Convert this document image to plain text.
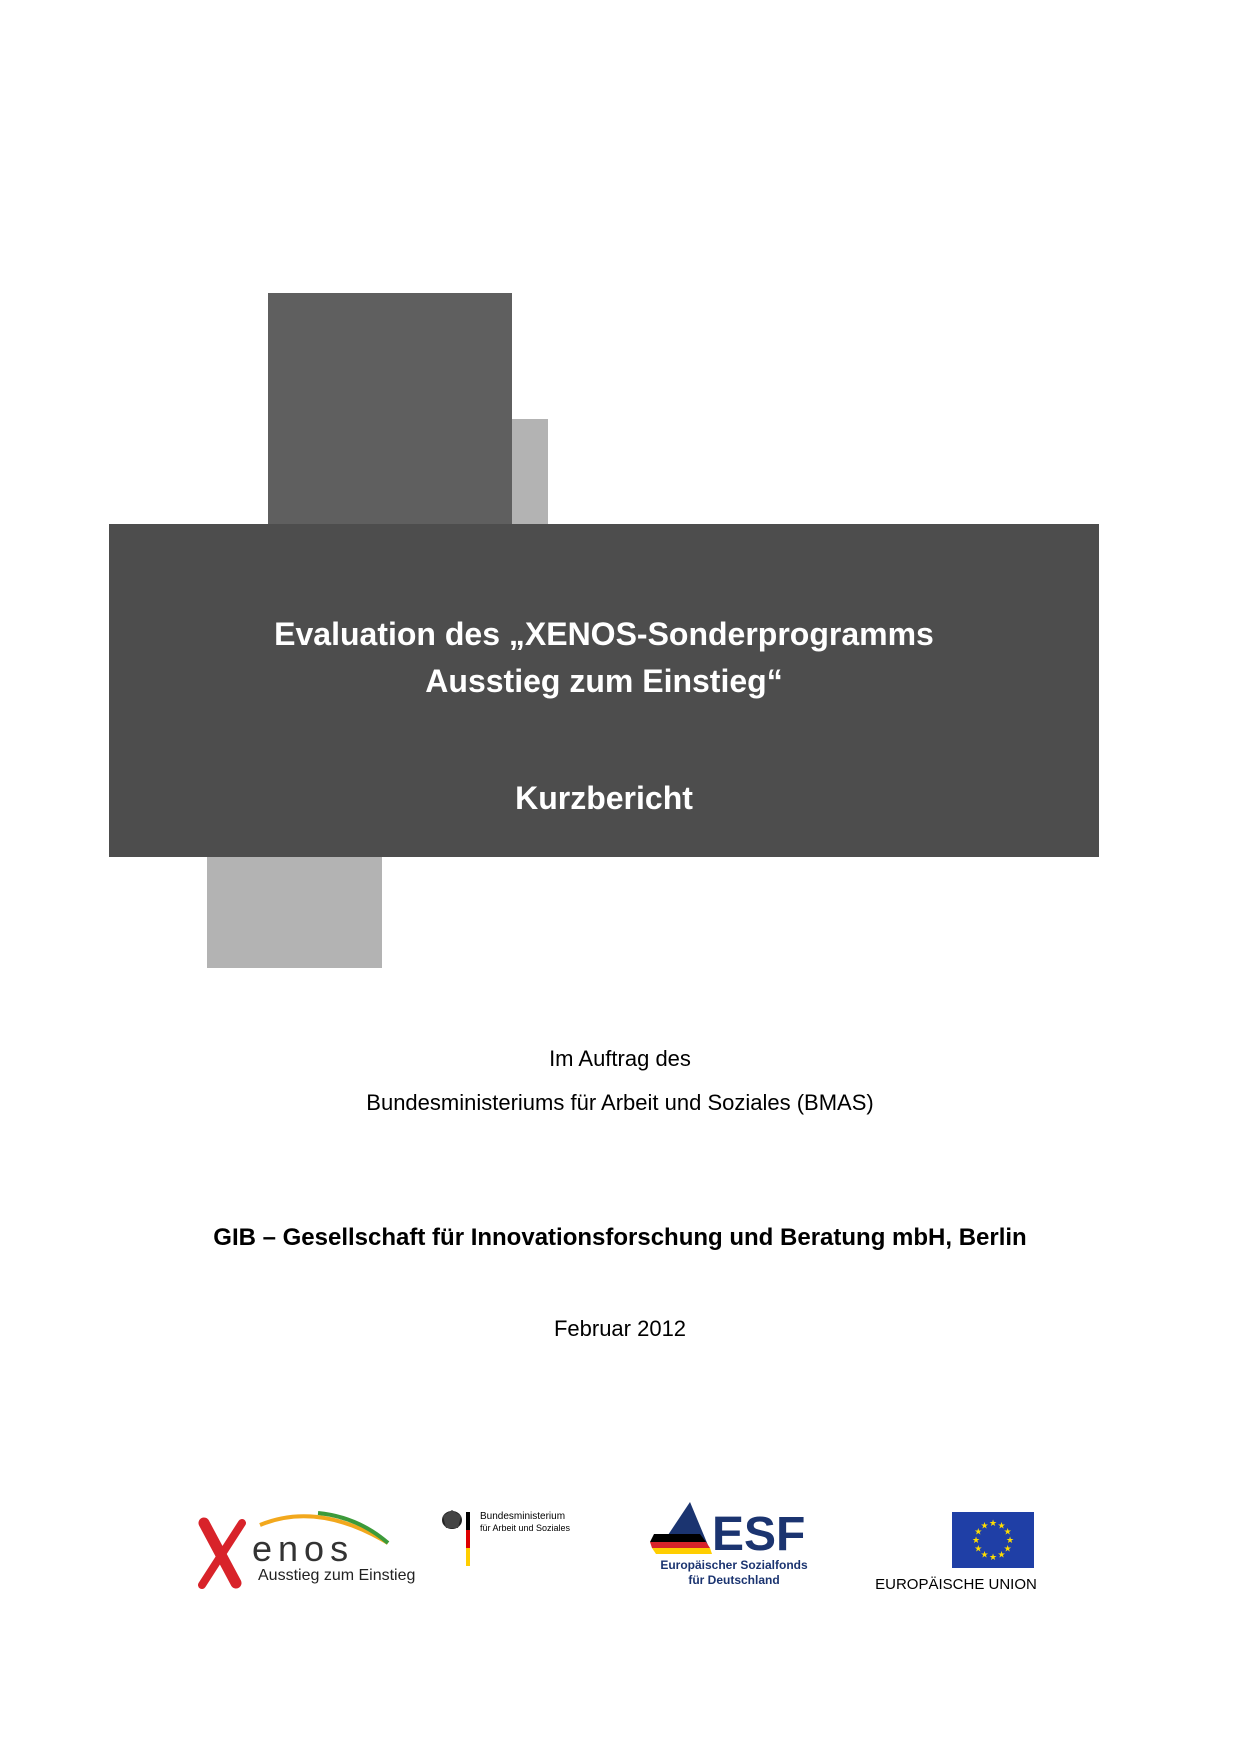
Evaluation des „XENOS-Sonderprogramms
Ausstieg zum Einstieg“
Kurzbericht
Im Auftrag des
Bundesministeriums für Arbeit und Soziales (BMAS)
GIB – Gesellschaft für Innovationsforschung und Beratung mbH, Berlin
Februar 2012
enos
Ausstieg zum Einstieg
Bundesministerium
für Arbeit und Soziales	ESF
Europäischer Sozialfonds
für Deutschland
★ ★
★
★
★
★
★
★
★
★
★
★
EUROPÄISCHE UNION
